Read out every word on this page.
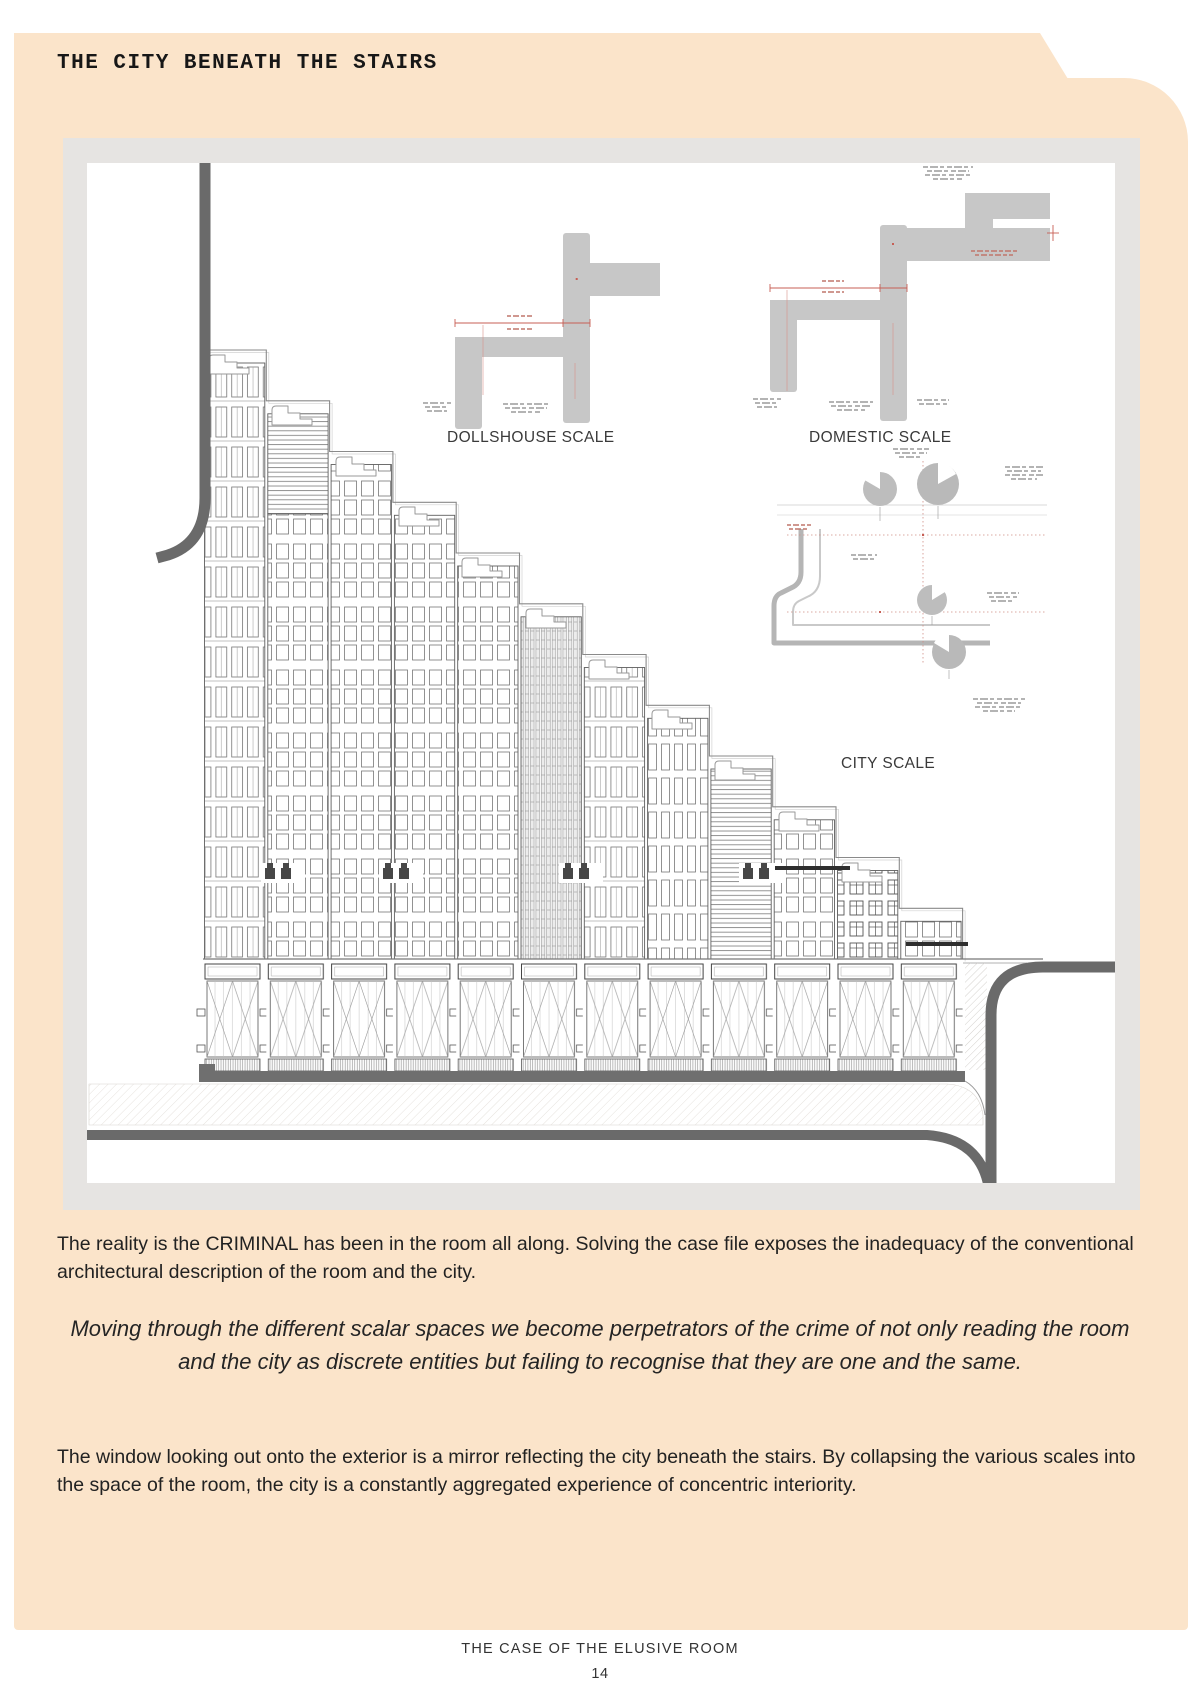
THE CITY BENEATH THE STAIRS
DOLLSHOUSE SCALE	DOMESTIC SCALE
CITY SCALE
The reality is the CRIMINAL has been in the room all along. Solving the case file exposes the inadequacy of the conventional architectural description of the room and the city.
Moving through the different scalar spaces we become perpetrators of the crime of not only reading the room and the city as discrete entities but failing to recognise that they are one and the same.
The window looking out onto the exterior is a mirror reflecting the city beneath the stairs. By collapsing the various scales into the space of the room, the city is a constantly aggregated experience of concentric interiority.
THE CASE OF THE ELUSIVE ROOM
14
